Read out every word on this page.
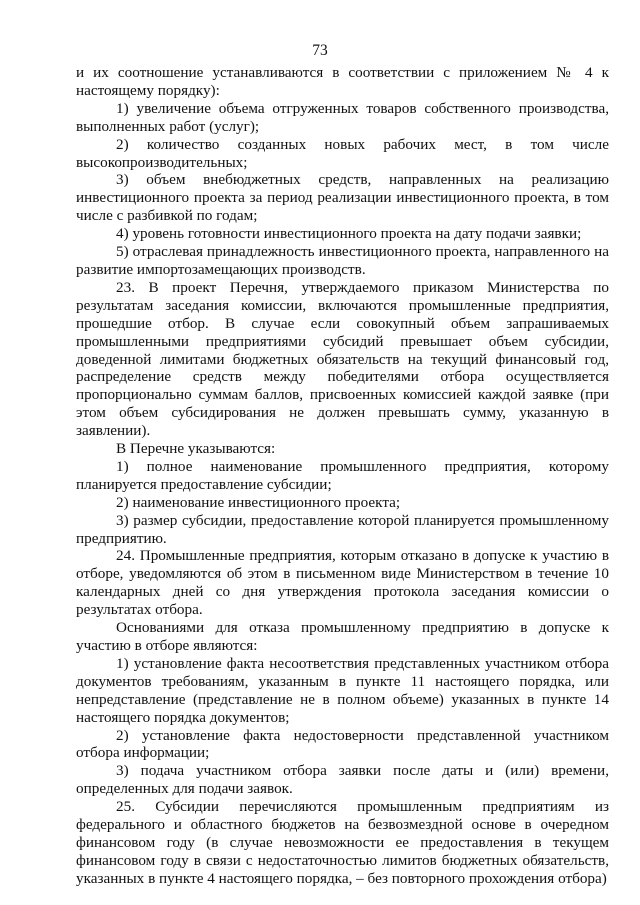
73

и их соотношение устанавливаются в соответствии с приложением № 4 к настоящему порядку):

1) увеличение объема отгруженных товаров собственного производства, выполненных работ (услуг);

2) количество созданных новых рабочих мест, в том числе высокопроизводительных;

3) объем внебюджетных средств, направленных на реализацию инвестиционного проекта за период реализации инвестиционного проекта, в том числе с разбивкой по годам;

4) уровень готовности инвестиционного проекта на дату подачи заявки;

5) отраслевая принадлежность инвестиционного проекта, направленного на развитие импортозамещающих производств.

23. В проект Перечня, утверждаемого приказом Министерства по результатам заседания комиссии, включаются промышленные предприятия, прошедшие отбор. В случае если совокупный объем запрашиваемых промышленными предприятиями субсидий превышает объем субсидии, доведенной лимитами бюджетных обязательств на текущий финансовый год, распределение средств между победителями отбора осуществляется пропорционально суммам баллов, присвоенных комиссией каждой заявке (при этом объем субсидирования не должен превышать сумму, указанную в заявлении).

В Перечне указываются:

1) полное наименование промышленного предприятия, которому планируется предоставление субсидии;

2) наименование инвестиционного проекта;

3) размер субсидии, предоставление которой планируется промышленному предприятию.

24. Промышленные предприятия, которым отказано в допуске к участию в отборе, уведомляются об этом в письменном виде Министерством в течение 10 календарных дней со дня утверждения протокола заседания комиссии о результатах отбора.

Основаниями для отказа промышленному предприятию в допуске к участию в отборе являются:

1) установление факта несоответствия представленных участником отбора документов требованиям, указанным в пункте 11 настоящего порядка, или непредставление (представление не в полном объеме) указанных в пункте 14 настоящего порядка документов;

2) установление факта недостоверности представленной участником отбора информации;

3) подача участником отбора заявки после даты и (или) времени, определенных для подачи заявок.

25. Субсидии перечисляются промышленным предприятиям из федерального и областного бюджетов на безвозмездной основе в очередном финансовом году (в случае невозможности ее предоставления в текущем финансовом году в связи с недостаточностью лимитов бюджетных обязательств, указанных в пункте 4 настоящего порядка, – без повторного прохождения отбора)
